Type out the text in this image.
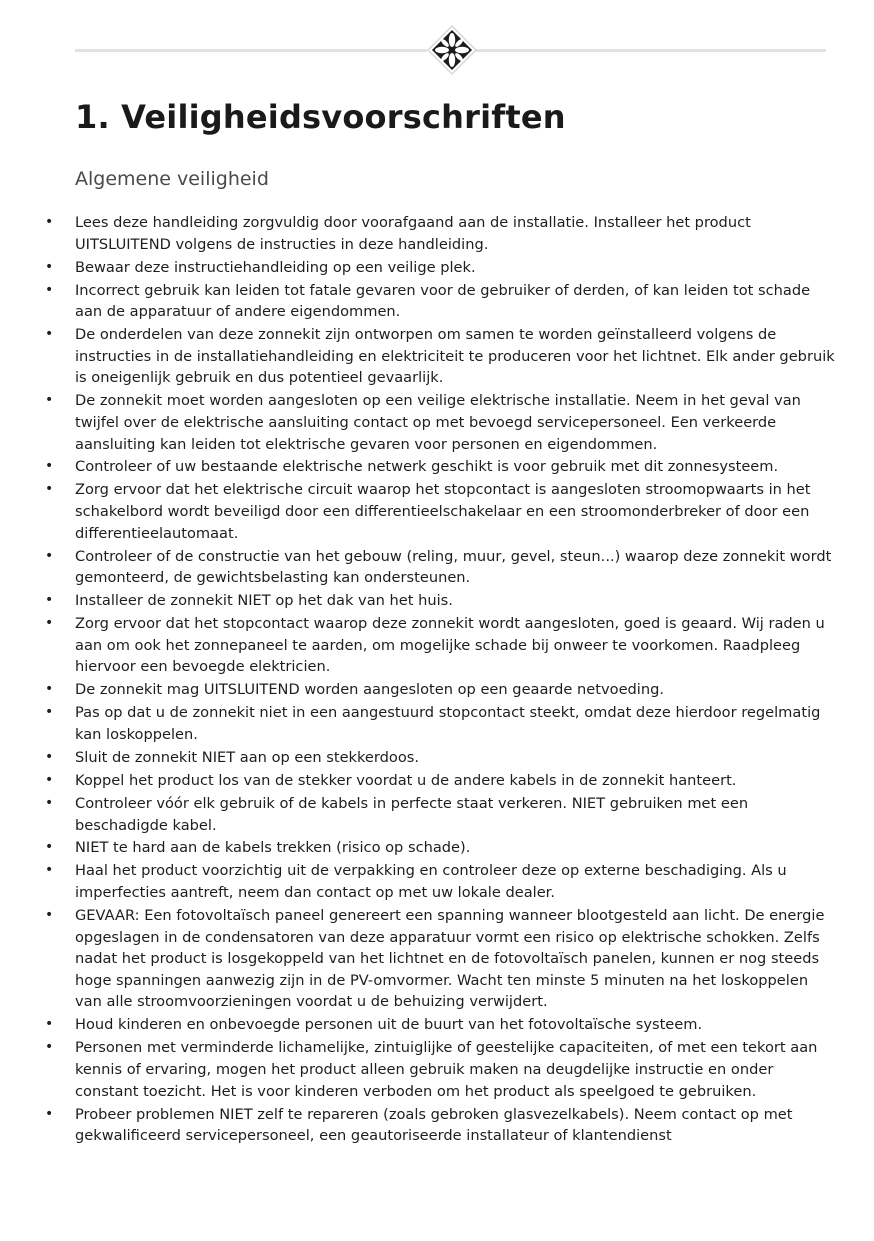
1. Veiligheidsvoorschriften
Algemene veiligheid
• Lees deze handleiding zorgvuldig door voorafgaand aan de installatie. Installeer het product UITSLUITEND volgens de instructies in deze handleiding.
• Bewaar deze instructiehandleiding op een veilige plek.
• Incorrect gebruik kan leiden tot fatale gevaren voor de gebruiker of derden, of kan leiden tot schade aan de apparatuur of andere eigendommen.
• De onderdelen van deze zonnekit zijn ontworpen om samen te worden geïnstalleerd volgens de instructies in de installatiehandleiding en elektriciteit te produceren voor het lichtnet. Elk ander gebruik is oneigenlijk gebruik en dus potentieel gevaarlijk.
• De zonnekit moet worden aangesloten op een veilige elektrische installatie. Neem in het geval van twijfel over de elektrische aansluiting contact op met bevoegd servicepersoneel. Een verkeerde aansluiting kan leiden tot elektrische gevaren voor personen en eigendommen.
• Controleer of uw bestaande elektrische netwerk geschikt is voor gebruik met dit zonnesysteem.
• Zorg ervoor dat het elektrische circuit waarop het stopcontact is aangesloten stroomopwaarts in het schakelbord wordt beveiligd door een differentieelschakelaar en een stroomonderbreker of door een differentieelautomaat.
• Controleer of de constructie van het gebouw (reling, muur, gevel, steun...) waarop deze zonnekit wordt gemonteerd, de gewichtsbelasting kan ondersteunen.
• Installeer de zonnekit NIET op het dak van het huis.
• Zorg ervoor dat het stopcontact waarop deze zonnekit wordt aangesloten, goed is geaard. Wij raden u aan om ook het zonnepaneel te aarden, om mogelijke schade bij onweer te voorkomen. Raadpleeg hiervoor een bevoegde elektricien.
• De zonnekit mag UITSLUITEND worden aangesloten op een geaarde netvoeding.
• Pas op dat u de zonnekit niet in een aangestuurd stopcontact steekt, omdat deze hierdoor regelmatig kan loskoppelen.
• Sluit de zonnekit NIET aan op een stekkerdoos.
• Koppel het product los van de stekker voordat u de andere kabels in de zonnekit hanteert.
• Controleer vóór elk gebruik of de kabels in perfecte staat verkeren. NIET gebruiken met een beschadigde kabel.
• NIET te hard aan de kabels trekken (risico op schade).
• Haal het product voorzichtig uit de verpakking en controleer deze op externe beschadiging. Als u imperfecties aantreft, neem dan contact op met uw lokale dealer.
• GEVAAR: Een fotovoltaïsch paneel genereert een spanning wanneer blootgesteld aan licht. De energie opgeslagen in de condensatoren van deze apparatuur vormt een risico op elektrische schokken. Zelfs nadat het product is losgekoppeld van het lichtnet en de fotovoltaïsch panelen, kunnen er nog steeds hoge spanningen aanwezig zijn in de PV-omvormer. Wacht ten minste 5 minuten na het loskoppelen van alle stroomvoorzieningen voordat u de behuizing verwijdert.
• Houd kinderen en onbevoegde personen uit de buurt van het fotovoltaïsche systeem.
• Personen met verminderde lichamelijke, zintuiglijke of geestelijke capaciteiten, of met een tekort aan kennis of ervaring, mogen het product alleen gebruik maken na deugdelijke instructie en onder constant toezicht. Het is voor kinderen verboden om het product als speelgoed te gebruiken.
• Probeer problemen NIET zelf te repareren (zoals gebroken glasvezelkabels). Neem contact op met gekwalificeerd servicepersoneel, een geautoriseerde installateur of klantendienst
